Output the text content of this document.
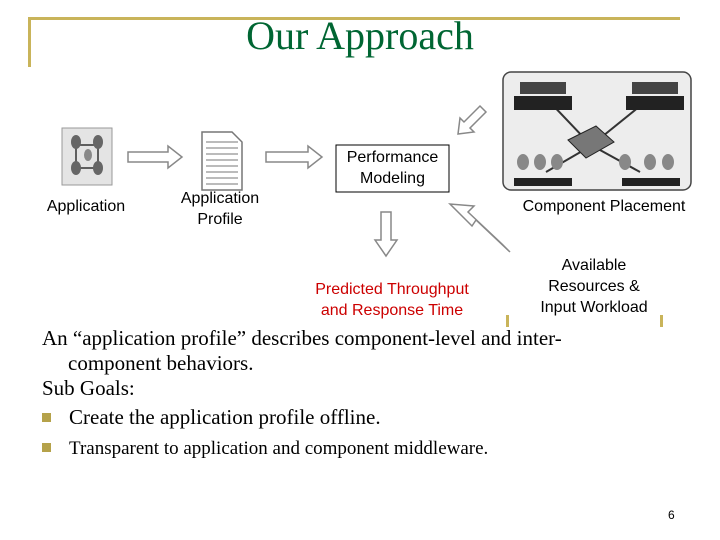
Our Approach
Application	Application
Profile
Performance
Modeling
Component Placement
Predicted Throughput
and Response Time
Available
Resources &
Input Workload
An “application profile” describes component-level and inter-
component behaviors.
Sub Goals:
Create the application profile offline.
Transparent to application and component middleware.
6
